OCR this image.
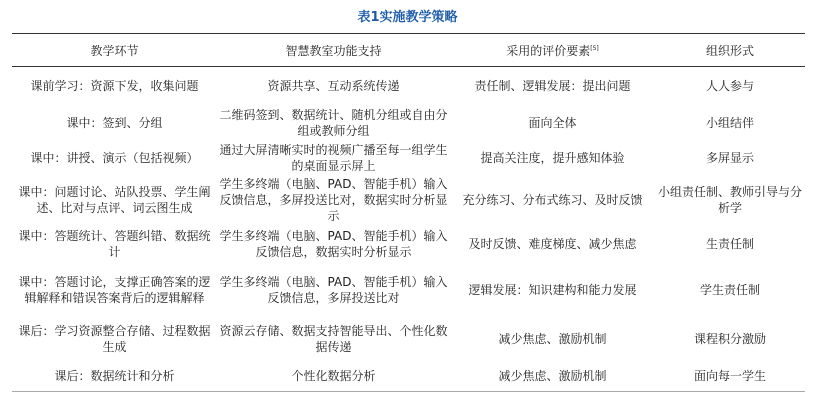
表1实施教学策略
教学环节	智慧教室功能支持	采用的评价要素[5]	组织形式
课前学习：资源下发，收集问题	资源共享、互动系统传递	责任制、逻辑发展：提出问题	人人参与
课中：签到、分组	二维码签到、数据统计、随机分组或自由分组或教师分组	面向全体	小组结伴
课中：讲授、演示（包括视频）	通过大屏清晰实时的视频广播至每一组学生的桌面显示屏上	提高关注度，提升感知体验	多屏显示
课中：问题讨论、站队投票、学生阐述、比对与点评、词云图生成	学生多终端（电脑、PAD、智能手机）输入反馈信息，多屏投送比对，数据实时分析显示	充分练习、分布式练习、及时反馈	小组责任制、教师引导与分析学
课中：答题统计、答题纠错、数据统计	学生多终端（电脑、PAD、智能手机）输入反馈信息，数据实时分析显示	及时反馈、难度梯度、减少焦虑	生责任制
课中：答题讨论，支撑正确答案的逻辑解释和错误答案背后的逻辑解释	学生多终端（电脑、PAD、智能手机）输入反馈信息，多屏投送比对	逻辑发展：知识建构和能力发展	学生责任制
课后：学习资源整合存储、过程数据生成	资源云存储、数据支持智能导出、个性化数据传递	减少焦虑、激励机制	课程积分激励
课后：数据统计和分析	个性化数据分析	减少焦虑、激励机制	面向每一学生
